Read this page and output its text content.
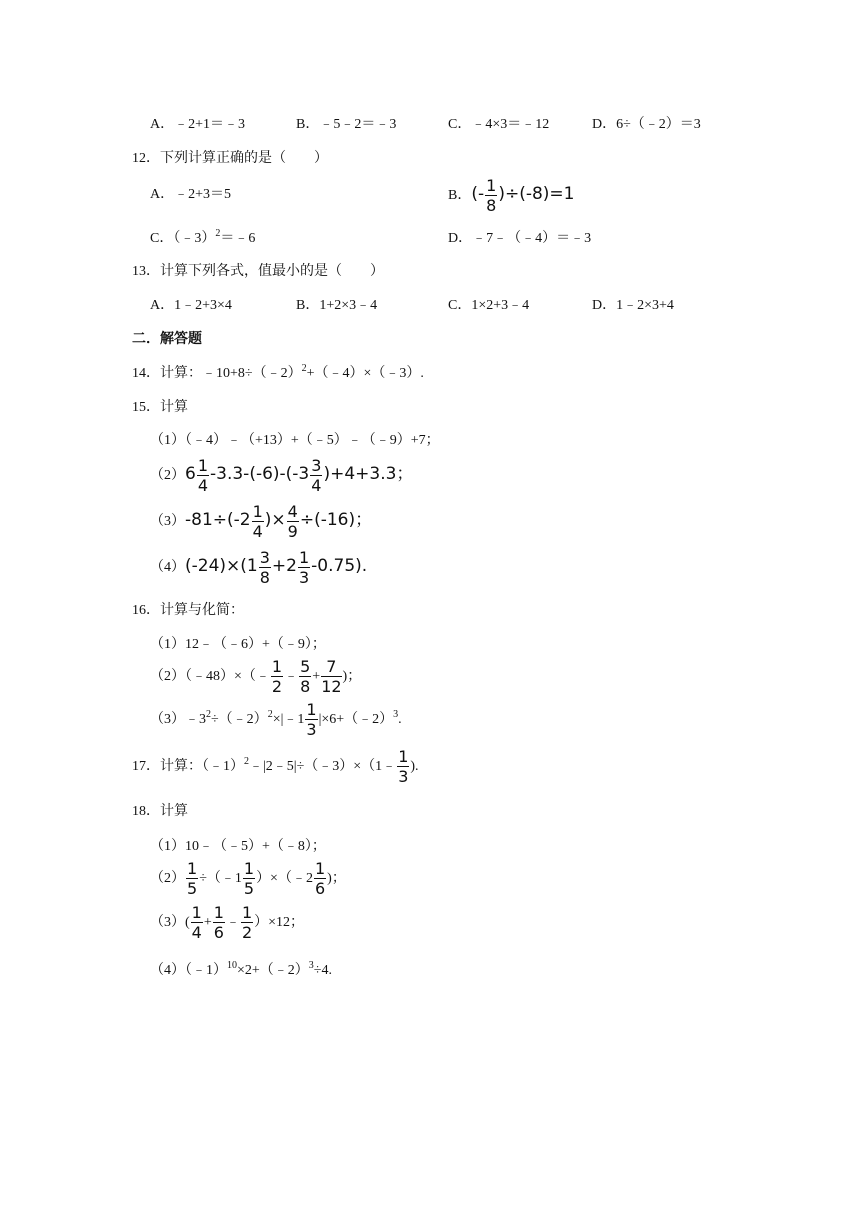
A．﹣2+1＝﹣3	B．﹣5﹣2＝﹣3	C．﹣4×3＝﹣12	D．6÷（﹣2）＝3
12．下列计算正确的是（　　）
A．﹣2+3＝5	B．(- $\frac{1}{8} )\div(-8)=1$
C．（﹣3）$^2$＝﹣6	D．﹣7﹣（﹣4）＝﹣3
13．计算下列各式，值最小的是（　　）
A．1﹣2+3×4	B．1+2×3﹣4	C．1×2+3﹣4	D．1﹣2×3+4
二．解答题
14．计算：﹣10+8÷（﹣2）$^2$+（﹣4）×（﹣3）.
15．计算
（1）（﹣4）﹣（+13）+（﹣5）﹣（﹣9）+7；
$(2)6 \frac{1}{4} -3.3-(-6)-(-3 \frac{3}{4} )+4+3.3$；
$(3)-81\div(-2 \frac{1}{4}$ )× $\frac{4}{9} \div(-16)$；
$(4)(-24)\times(1 \frac{3}{8} +2 \frac{1}{3} -0.75)$.
16．计算与化简：
（1）12﹣（﹣6）+（﹣9）；
（2）（﹣48）×（﹣ $\frac{1}{2}$ ﹣ $\frac{5}{8} + \frac{7}{12}$ )；
$(3)﹣3^2\div(﹣2)^2\times|﹣1 \frac{1}{3}$ |×6+（﹣2）$^3$.
17．计算：（﹣1）$^2$﹣|2﹣5|÷（﹣3）×（1﹣ $\frac{1}{3}$ ).
18．计算
（1）10﹣（﹣5）+（﹣8）；
$(2) \frac{1}{5}$ ÷（﹣1 $\frac{1}{5}$ ）×（﹣2 $\frac{1}{6}$ )；
$(3)( \frac{1}{4} + \frac{1}{6}$ ﹣ $\frac{1}{2} )\times 12$；
（4）（﹣1）$^{10}$×2+（﹣2）$^3$÷4.
